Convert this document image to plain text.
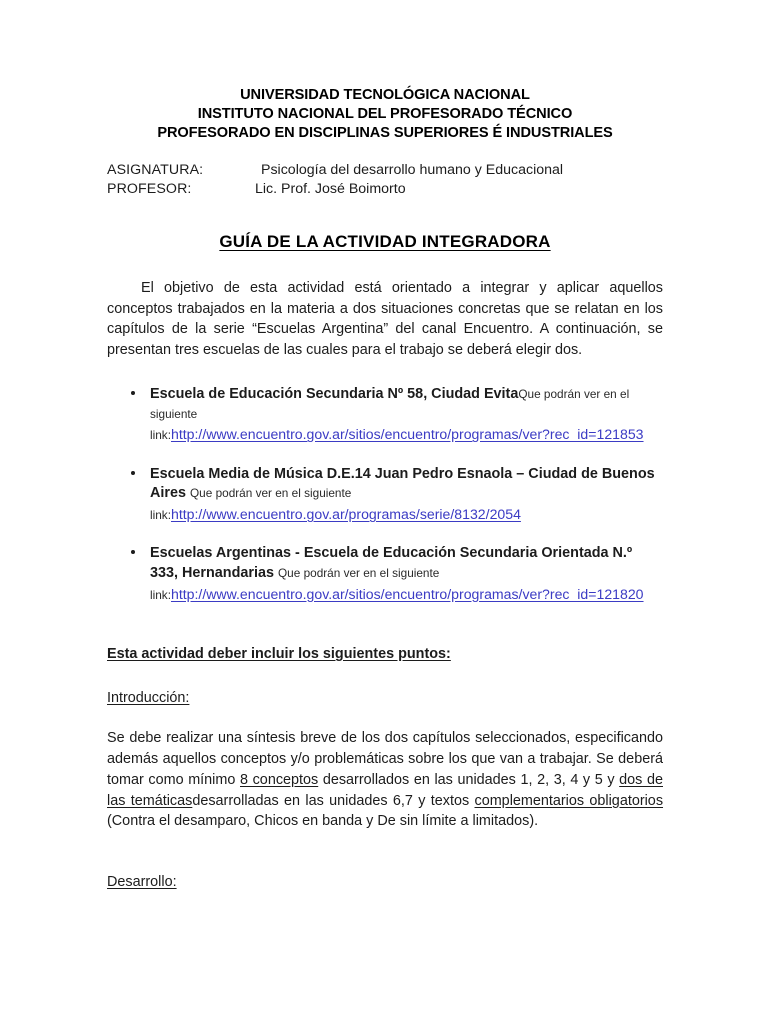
UNIVERSIDAD TECNOLÓGICA NACIONAL
INSTITUTO NACIONAL DEL PROFESORADO TÉCNICO
PROFESORADO EN DISCIPLINAS SUPERIORES É INDUSTRIALES
ASIGNATURA:	Psicología del desarrollo humano y Educacional
PROFESOR:	Lic. Prof. José Boimorto
GUÍA DE LA ACTIVIDAD INTEGRADORA

El objetivo de esta actividad está orientado a integrar y aplicar aquellos conceptos trabajados en la materia a dos situaciones concretas que se relatan en los capítulos de la serie “Escuelas Argentina” del canal Encuentro. A continuación, se presentan tres escuelas de las cuales para el trabajo se deberá elegir dos.

Escuela de Educación Secundaria Nº 58, Ciudad EvitaQue podrán ver en el siguiente
link:http://www.encuentro.gov.ar/sitios/encuentro/programas/ver?rec_id=121853
Escuela Media de Música D.E.14 Juan Pedro Esnaola – Ciudad de Buenos Aires Que podrán ver en el siguiente
link:http://www.encuentro.gov.ar/programas/serie/8132/2054
Escuelas Argentinas - Escuela de Educación Secundaria Orientada N.º 333, Hernandarias Que podrán ver en el siguiente
link:http://www.encuentro.gov.ar/sitios/encuentro/programas/ver?rec_id=121820
Esta actividad deber incluir los siguientes puntos:
Introducción:

Se debe realizar una síntesis breve de los dos capítulos seleccionados, especificando además aquellos conceptos y/o problemáticas sobre los que van a trabajar. Se deberá tomar como mínimo 8 conceptos desarrollados en las unidades 1, 2, 3, 4 y 5 y dos de las temáticasdesarrolladas en las unidades 6,7 y textos complementarios obligatorios (Contra el desamparo, Chicos en banda y De sin límite a limitados).

Desarrollo:
